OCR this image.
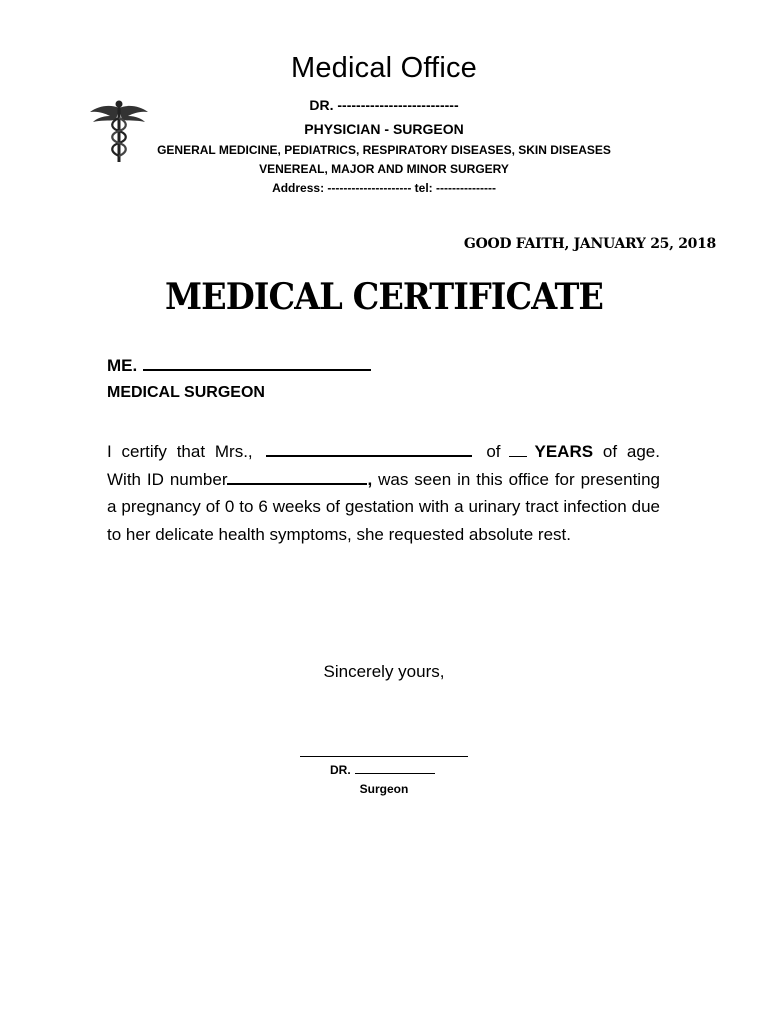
Medical Office
DR. --------------------------
PHYSICIAN - SURGEON
GENERAL MEDICINE, PEDIATRICS, RESPIRATORY DISEASES, SKIN DISEASES
VENEREAL, MAJOR AND MINOR SURGERY
Address: --------------------- tel: ---------------
GOOD FAITH, JANUARY 25, 2018
MEDICAL CERTIFICATE
ME.
MEDICAL SURGEON
I certify that Mrs.,	of YEARS of age. With ID number	, was seen in this office for presenting a pregnancy of 0 to 6 weeks of gestation with a urinary tract infection due to her delicate health symptoms, she requested absolute rest.
Sincerely yours,
DR.
Surgeon
